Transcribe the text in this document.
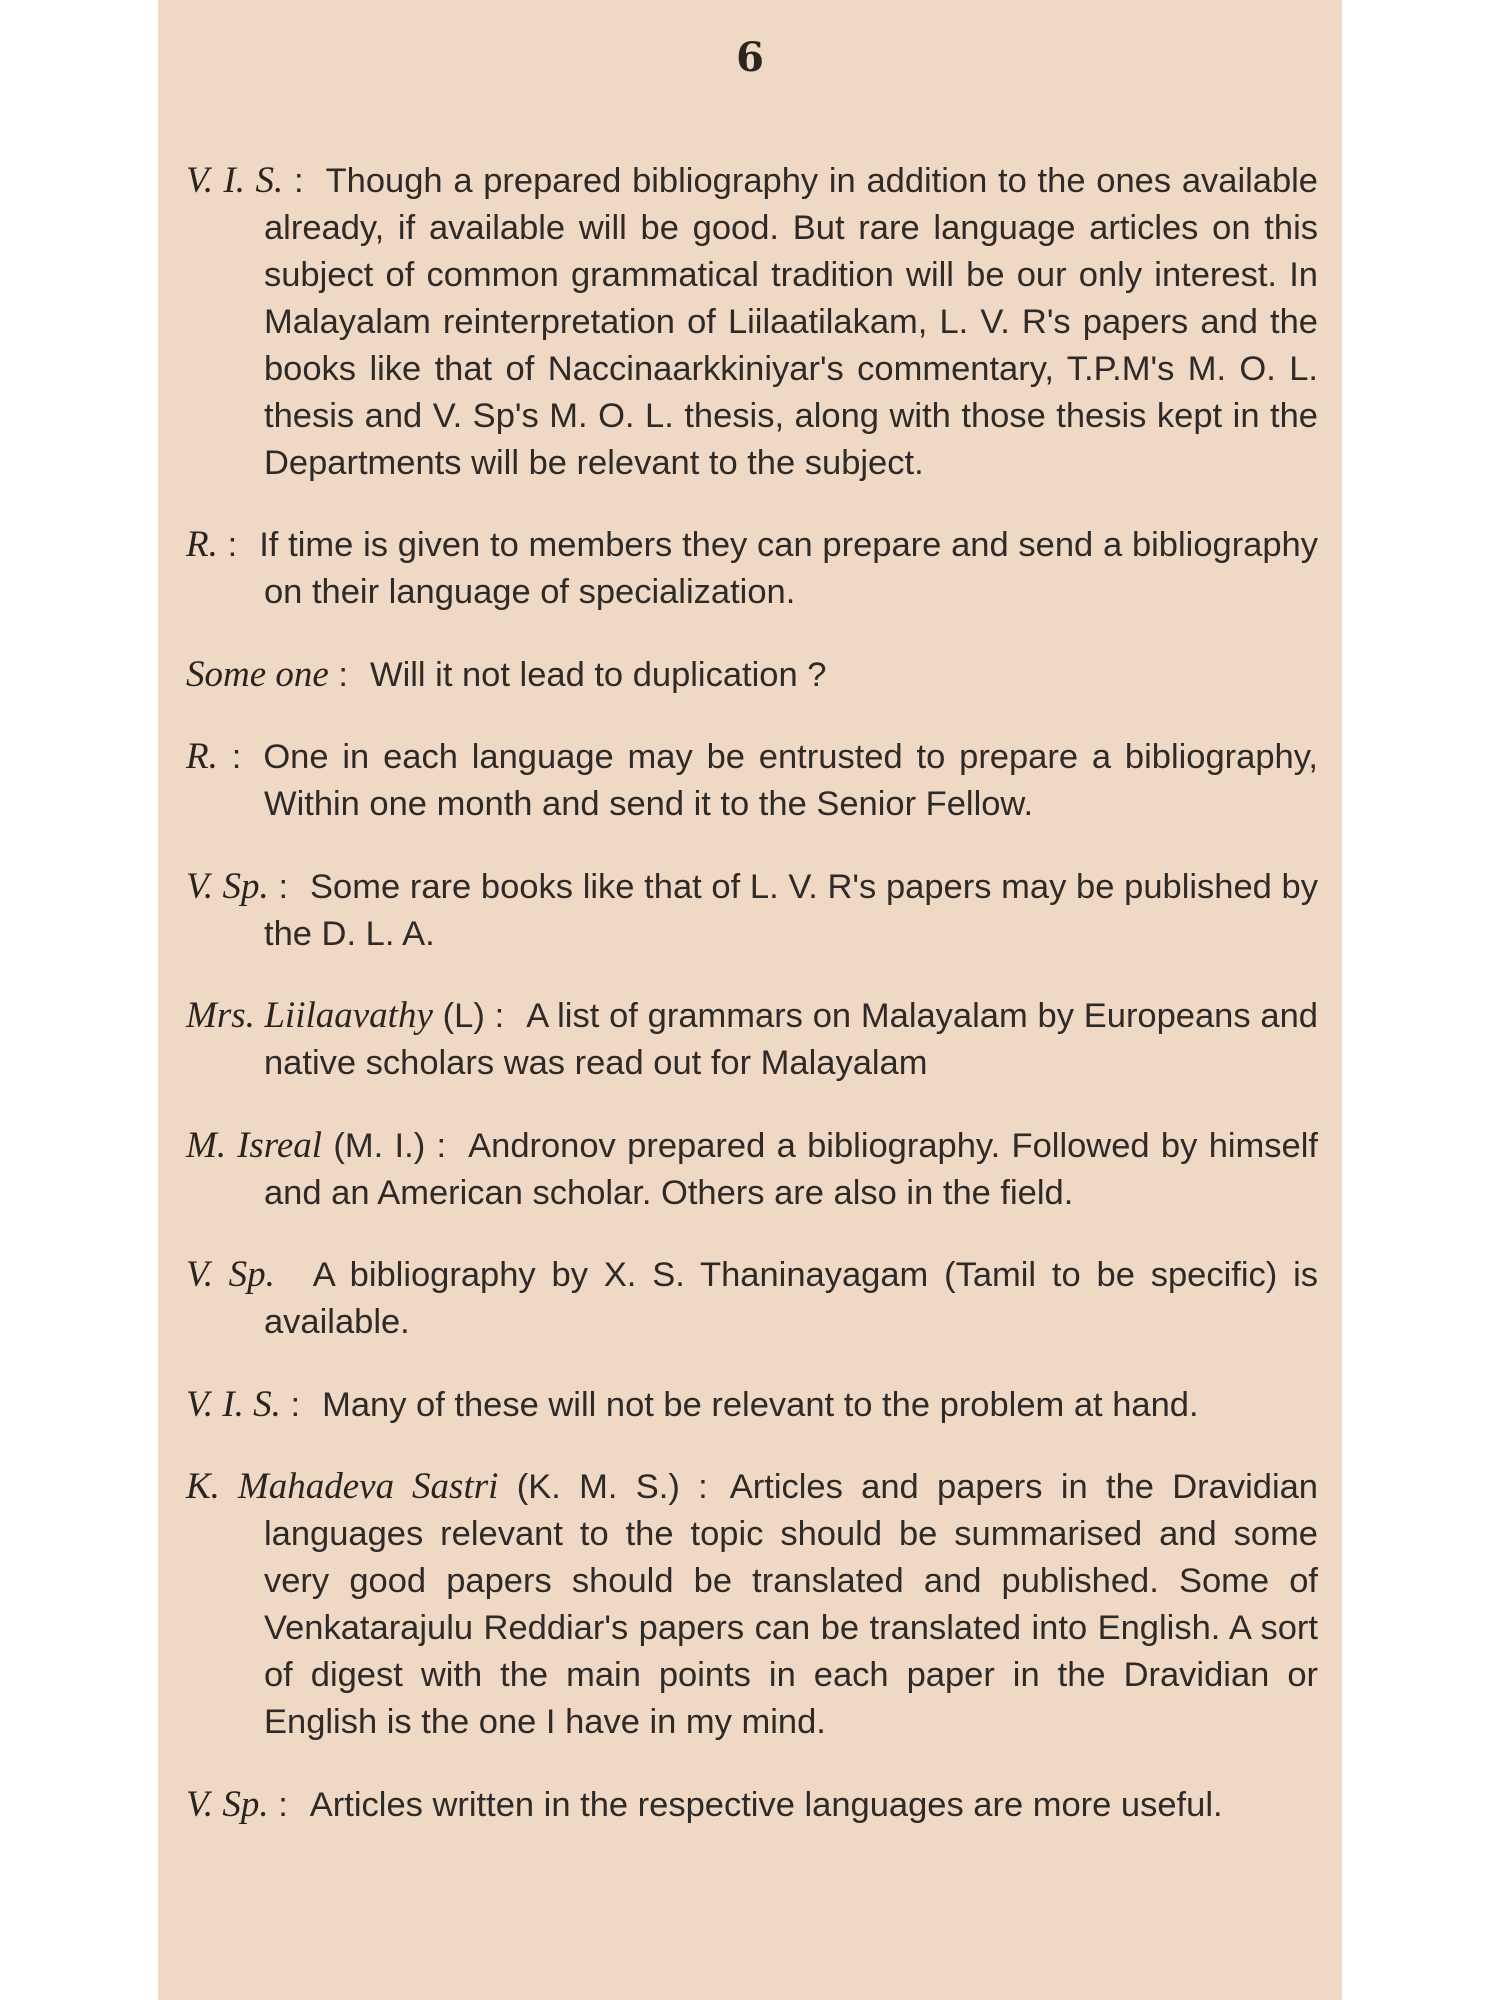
6

V. I. S. : Though a prepared bibliography in addition to the ones available already, if available will be good. But rare language articles on this subject of common grammatical tradition will be our only interest. In Malayalam reinterpretation of Liilaatilakam, L. V. R's papers and the books like that of Naccinaarkkiniyar's commentary, T.P.M's M. O. L. thesis and V. Sp's M. O. L. thesis, along with those thesis kept in the Departments will be relevant to the subject.

R. : If time is given to members they can prepare and send a bibliography on their language of specialization.

Some one : Will it not lead to duplication ?

R. : One in each language may be entrusted to prepare a bibliography, Within one month and send it to the Senior Fellow.

V. Sp. : Some rare books like that of L. V. R's papers may be published by the D. L. A.

Mrs. Liilaavathy (L) : A list of grammars on Malayalam by Europeans and native scholars was read out for Malayalam

M. Isreal (M. I.) : Andronov prepared a bibliography. Followed by himself and an American scholar. Others are also in the field.

V. Sp. A bibliography by X. S. Thaninayagam (Tamil to be specific) is available.

V. I. S. : Many of these will not be relevant to the problem at hand.

K. Mahadeva Sastri (K. M. S.) : Articles and papers in the Dravidian languages relevant to the topic should be summarised and some very good papers should be translated and published. Some of Venkatarajulu Reddiar's papers can be translated into English. A sort of digest with the main points in each paper in the Dravidian or English is the one I have in my mind.

V. Sp. : Articles written in the respective languages are more useful.
